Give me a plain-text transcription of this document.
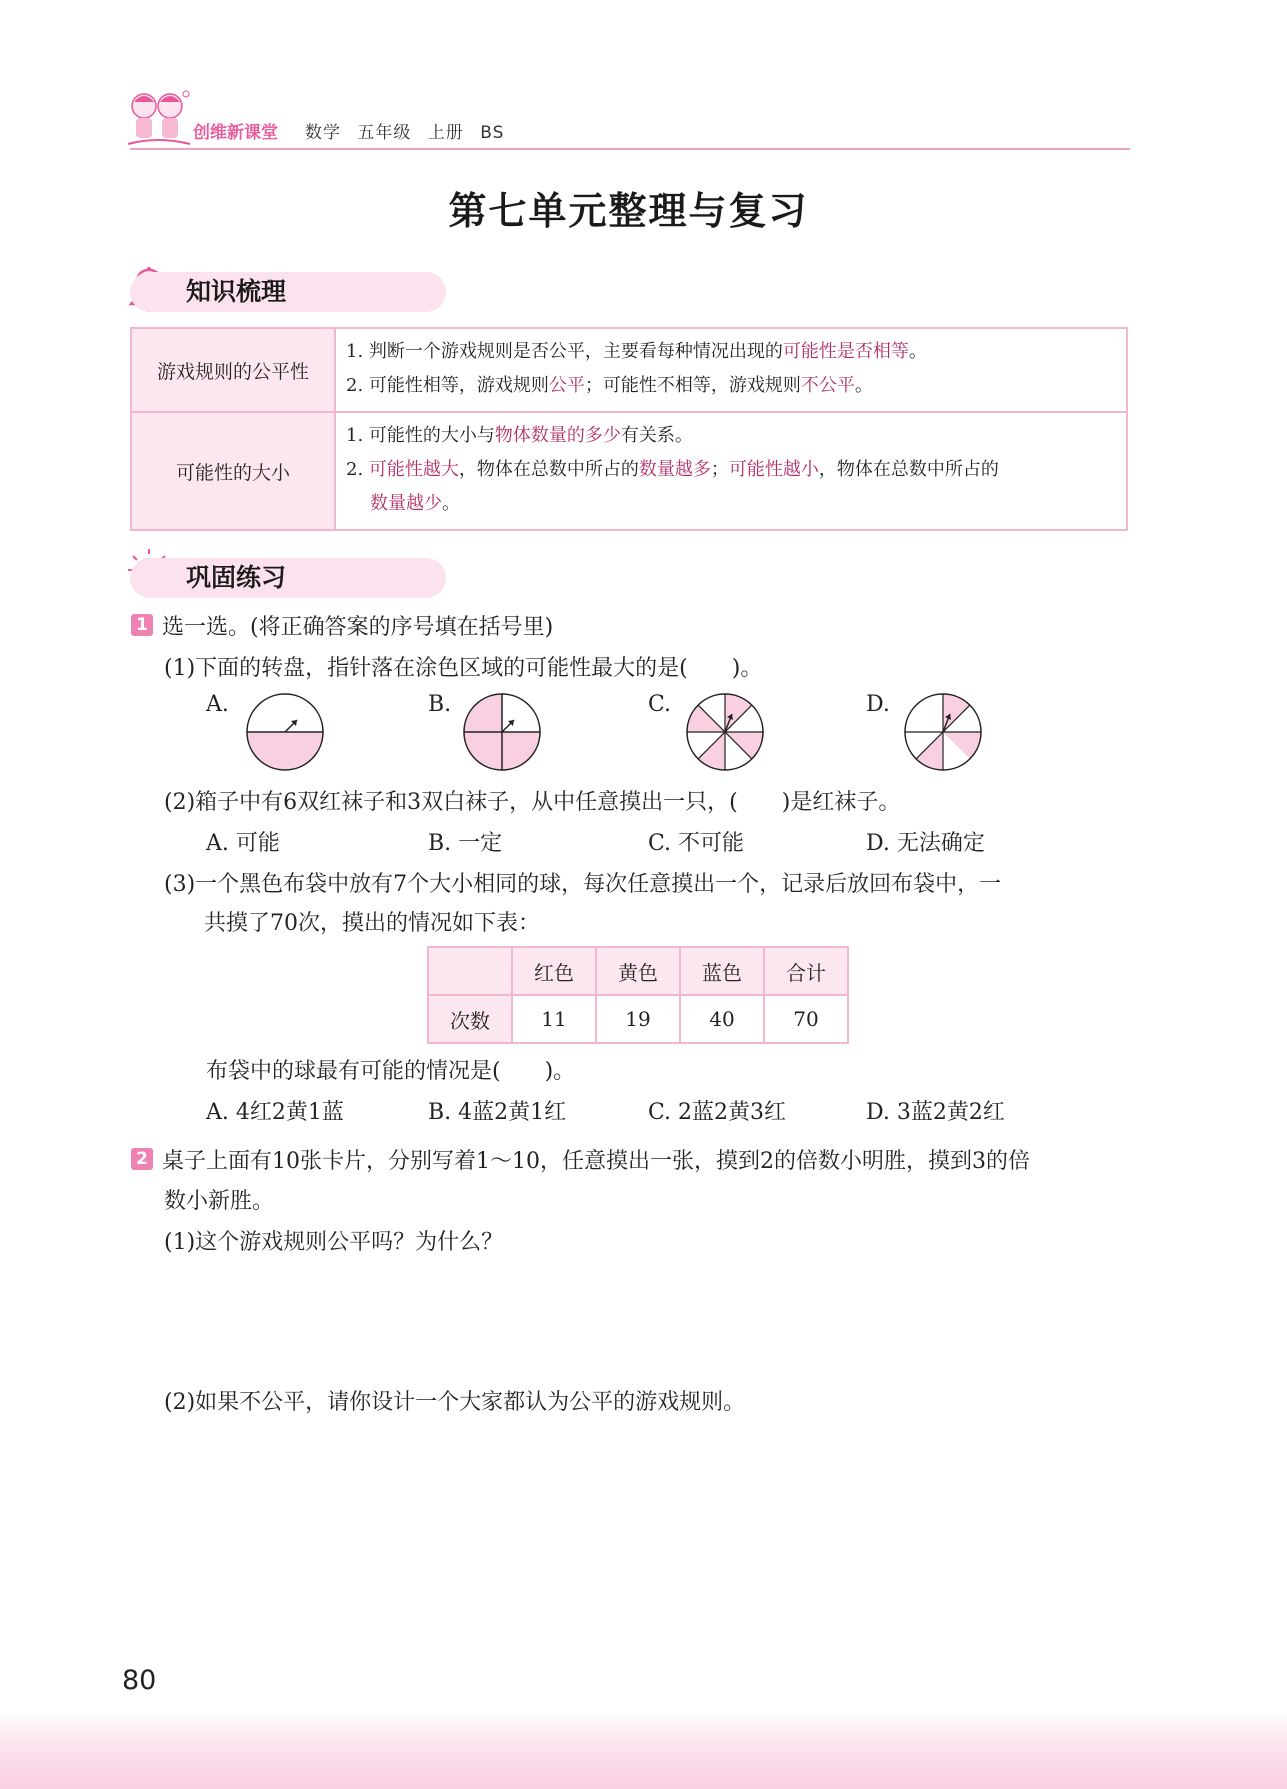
创维新课堂 数学 五年级 上册 BS
第七单元整理与复习
知识梳理
游戏规则的公平性	1. 判断一个游戏规则是否公平，主要看每种情况出现的可能性是否相等。
2. 可能性相等，游戏规则公平；可能性不相等，游戏规则不公平。

可能性的大小	1. 可能性的大小与物体数量的多少有关系。
2. 可能性越大，物体在总数中所占的数量越多；可能性越小，物体在总数中所占的
数量越少。
巩固练习
1 选一选。(将正确答案的序号填在括号里)
(1)下面的转盘，指针落在涂色区域的可能性最大的是(　　)。
A.	B.	C.	D.
(2)箱子中有6双红袜子和3双白袜子，从中任意摸出一只，(　　)是红袜子。
A. 可能	B. 一定	C. 不可能	D. 无法确定
(3)一个黑色布袋中放有7个大小相同的球，每次任意摸出一个，记录后放回布袋中，一
共摸了70次，摸出的情况如下表：
	红色	黄色	蓝色	合计
次数	11	19	40	70
布袋中的球最有可能的情况是(　　)。
A. 4红2黄1蓝	B. 4蓝2黄1红	C. 2蓝2黄3红	D. 3蓝2黄2红
2 桌子上面有10张卡片，分别写着1～10，任意摸出一张，摸到2的倍数小明胜，摸到3的倍
数小新胜。
(1)这个游戏规则公平吗？为什么？
(2)如果不公平，请你设计一个大家都认为公平的游戏规则。
80
